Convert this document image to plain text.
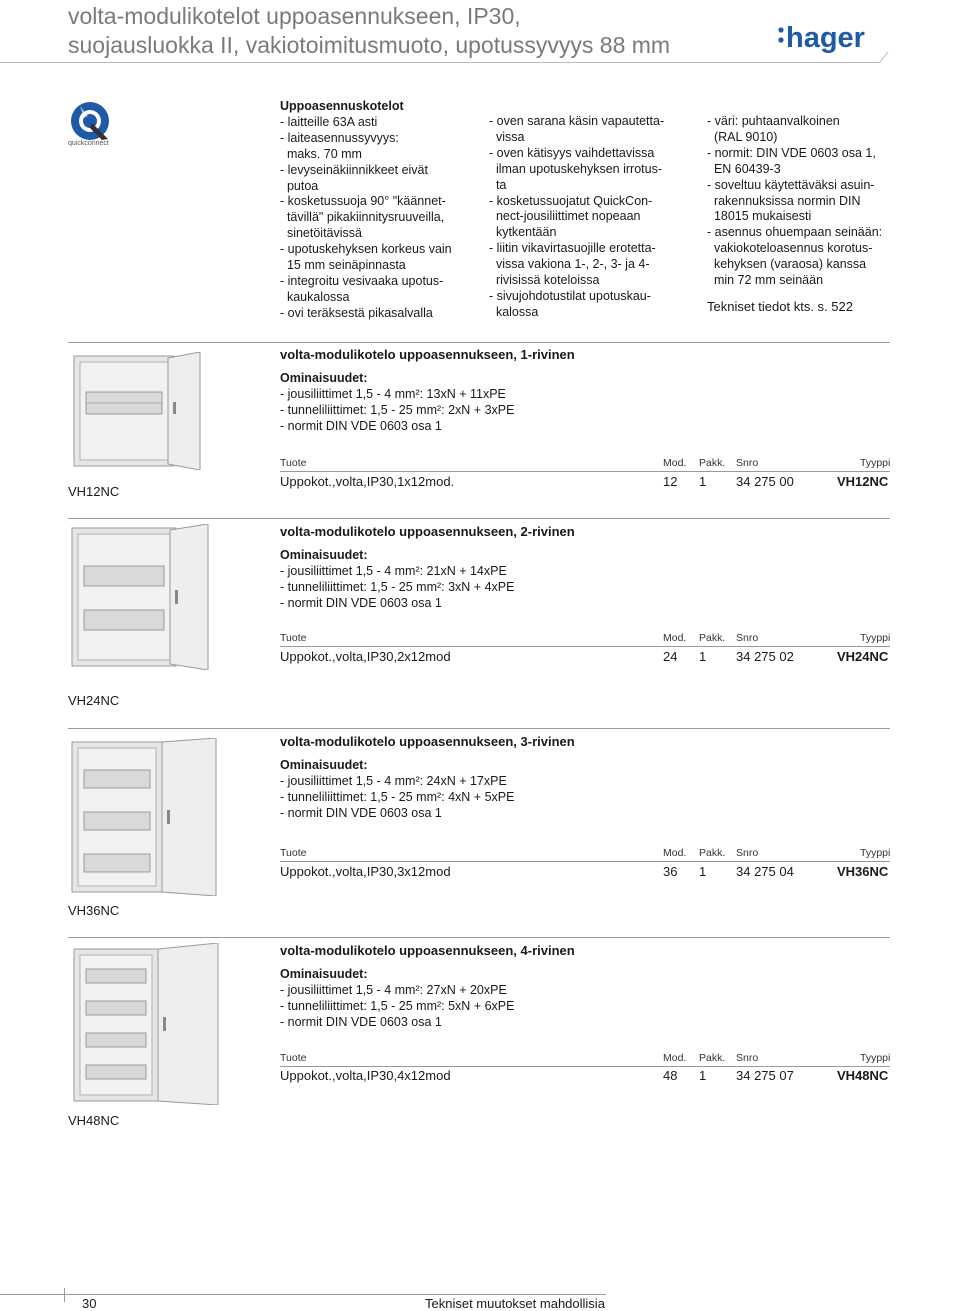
volta-modulikotelot uppoasennukseen, IP30,
suojausluokka II, vakiotoimitusmuoto, upotussyvyys 88 mm	hager
quickconnect
Uppoasennuskotelot
- laitteille 63A asti
- laiteasennussyvyys:
maks. 70 mm
- levyseinäkiinnikkeet eivät
putoa
- kosketussuoja 90° "käännet-
tävillä" pikakiinnitysruuveilla,
sinetöitävissä
- upotuskehyksen korkeus vain
15 mm seinäpinnasta
- integroitu vesivaaka upotus-
kaukalossa
- ovi teräksestä pikasalvalla
- oven sarana käsin vapautetta-
vissa
- oven kätisyys vaihdettavissa
ilman upotuskehyksen irrotus-
ta
- kosketussuojatut QuickCon-
nect-jousiliittimet nopeaan
kytkentään
- liitin vikavirtasuojille erotetta-
vissa vakiona 1-, 2-, 3- ja 4-
rivisissä koteloissa
- sivujohdotustilat upotuskau-
kalossa
- väri: puhtaanvalkoinen
(RAL 9010)
- normit: DIN VDE 0603 osa 1,
EN 60439-3
- soveltuu käytettäväksi asuin-
rakennuksissa normin DIN
18015 mukaisesti
- asennus ohuempaan seinään:
vakiokoteloasennus korotus-
kehyksen (varaosa) kanssa
min 72 mm seinään
Tekniset tiedot kts. s. 522
volta-modulikotelo uppoasennukseen, 1-rivinen
Ominaisuudet:
- jousiliittimet 1,5 - 4 mm²: 13xN + 11xPE
- tunneliliittimet: 1,5 - 25 mm²: 2xN + 3xPE
- normit DIN VDE 0603 osa 1
Tuote	Mod. Pakk. Snro	Tyyppi
Uppokot.,volta,IP30,1x12mod.	12 1 34 275 00	VH12NC
VH12NC
volta-modulikotelo uppoasennukseen, 2-rivinen
Ominaisuudet:
- jousiliittimet 1,5 - 4 mm²: 21xN + 14xPE
- tunneliliittimet: 1,5 - 25 mm²: 3xN + 4xPE
- normit DIN VDE 0603 osa 1
Tuote	Mod. Pakk. Snro	Tyyppi
Uppokot.,volta,IP30,2x12mod	24 1 34 275 02	VH24NC
VH24NC
volta-modulikotelo uppoasennukseen, 3-rivinen
Ominaisuudet:
- jousiliittimet 1,5 - 4 mm²: 24xN + 17xPE
- tunneliliittimet: 1,5 - 25 mm²: 4xN + 5xPE
- normit DIN VDE 0603 osa 1
Tuote	Mod. Pakk. Snro	Tyyppi
Uppokot.,volta,IP30,3x12mod	36 1 34 275 04	VH36NC
VH36NC
volta-modulikotelo uppoasennukseen, 4-rivinen
Ominaisuudet:
- jousiliittimet 1,5 - 4 mm²: 27xN + 20xPE
- tunneliliittimet: 1,5 - 25 mm²: 5xN + 6xPE
- normit DIN VDE 0603 osa 1
Tuote	Mod. Pakk. Snro	Tyyppi
Uppokot.,volta,IP30,4x12mod	48 1 34 275 07	VH48NC
VH48NC
30	Tekniset muutokset mahdollisia
